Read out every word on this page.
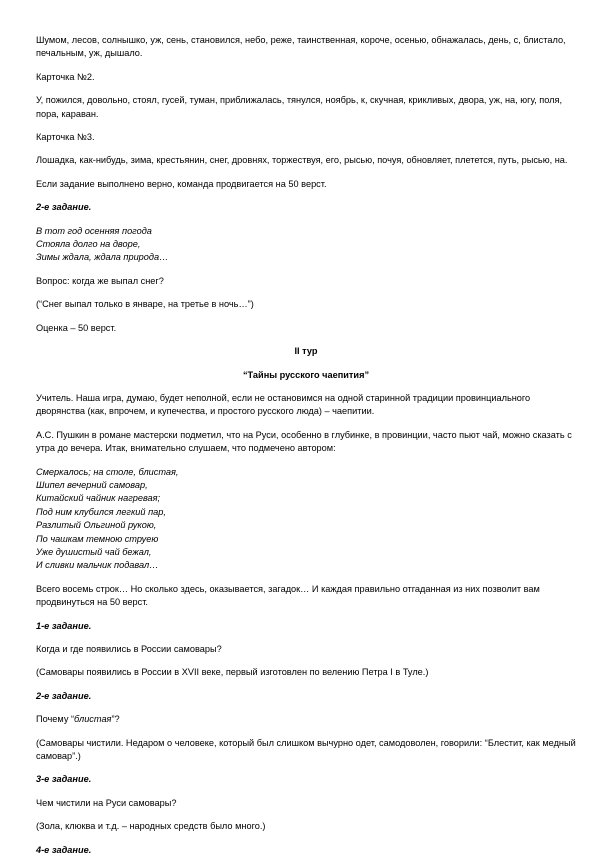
Шумом, лесов, солнышко, уж, сень, становился, небо, реже, таинственная, короче, осенью, обнажалась, день, с, блистало, печальным, уж, дышало.

Карточка №2.

У, пожился, довольно, стоял, гусей, туман, приближалась, тянулся, ноябрь, к, скучная, крикливых, двора, уж, на, югу, поля, пора, караван.

Карточка №3.

Лошадка, как-нибудь, зима, крестьянин, снег, дровнях, торжествуя, его, рысью, почуя, обновляет, плетется, путь, рысью, на.

Если задание выполнено верно, команда продвигается на 50 верст.

2-е задание.

В тот год осенняя погода

Стояла долго на дворе,

Зимы ждала, ждала природа…

Вопрос: когда же выпал снег?

(“Снег выпал только в январе, на третье в ночь…”)

Оценка – 50 верст.

II тур

“Тайны русского чаепития”

Учитель. Наша игра, думаю, будет неполной, если не остановимся на одной старинной традиции провинциального дворянства (как, впрочем, и купечества, и простого русского люда) – чаепитии.

А.С. Пушкин в романе мастерски подметил, что на Руси, особенно в глубинке, в провинции, часто пьют чай, можно сказать с утра до вечера. Итак, внимательно слушаем, что подмечено автором:

Смеркалось; на столе, блистая,

Шипел вечерний самовар,

Китайский чайник нагревая;

Под ним клубился легкий пар,

Разлитый Ольгиной рукою,

По чашкам темною струею

Уже душистый чай бежал,

И сливки мальчик подавал…

Всего восемь строк… Но сколько здесь, оказывается, загадок… И каждая правильно отгаданная из них позволит вам продвинуться на 50 верст.

1-е задание.

Когда и где появились в России самовары?

(Самовары появились в России в XVII веке, первый изготовлен по велению Петра I в Туле.)

2-е задание.

Почему “блистая”?

(Самовары чистили. Недаром о человеке, который был слишком вычурно одет, самодоволен, говорили: “Блестит, как медный самовар”.)

3-е задание.

Чем чистили на Руси самовары?

(Зола, клюква и т.д. – народных средств было много.)

4-е задание.
